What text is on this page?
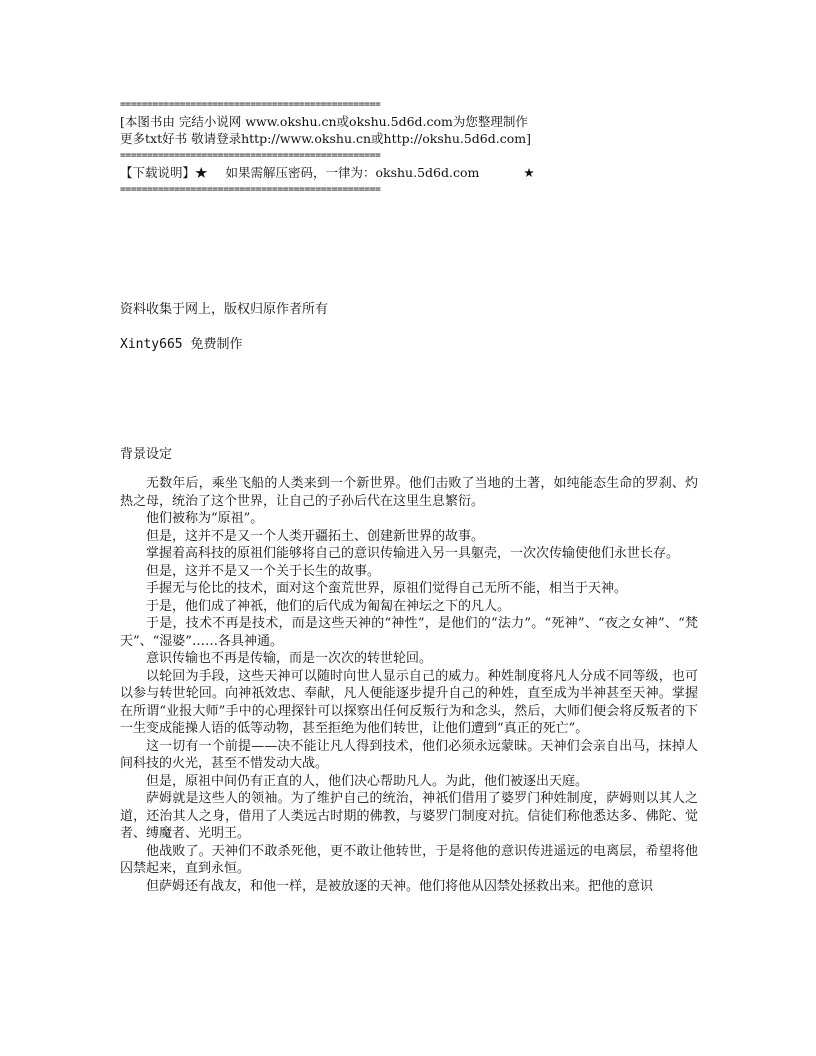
================================================
[本图书由 完结小说网 www.okshu.cn或okshu.5d6d.com为您整理制作
更多txt好书 敬请登录http://www.okshu.cn或http://okshu.5d6d.com]
================================================
【下载说明】★ 如果需解压密码，一律为：okshu.5d6d.com	★
================================================
资料收集于网上，版权归原作者所有
Xinty665 免费制作
背景设定

无数年后，乘坐飞船的人类来到一个新世界。他们击败了当地的土著，如纯能态生命的罗刹、灼热之母，统治了这个世界，让自己的子孙后代在这里生息繁衍。

他们被称为“原祖”。

但是，这并不是又一个人类开疆拓土、创建新世界的故事。

掌握着高科技的原祖们能够将自己的意识传输进入另一具躯壳，一次次传输使他们永世长存。

但是，这并不是又一个关于长生的故事。

手握无与伦比的技术，面对这个蛮荒世界，原祖们觉得自己无所不能，相当于天神。

于是，他们成了神祇，他们的后代成为匍匐在神坛之下的凡人。

于是，技术不再是技术，而是这些天神的“神性”，是他们的“法力”。“死神”、“夜之女神”、“梵天”、“湿婆”……各具神通。

意识传输也不再是传输，而是一次次的转世轮回。

以轮回为手段，这些天神可以随时向世人显示自己的威力。种姓制度将凡人分成不同等级，也可以参与转世轮回。向神祇效忠、奉献，凡人便能逐步提升自己的种姓，直至成为半神甚至天神。掌握在所谓“业报大师”手中的心理探针可以探察出任何反叛行为和念头，然后，大师们便会将反叛者的下一生变成能操人语的低等动物，甚至拒绝为他们转世，让他们遭到“真正的死亡”。

这一切有一个前提——决不能让凡人得到技术，他们必须永远蒙昧。天神们会亲自出马，抹掉人间科技的火光，甚至不惜发动大战。

但是，原祖中间仍有正直的人，他们决心帮助凡人。为此，他们被逐出天庭。

萨姆就是这些人的领袖。为了维护自己的统治，神祇们借用了婆罗门种姓制度，萨姆则以其人之道，还治其人之身，借用了人类远古时期的佛教，与婆罗门制度对抗。信徒们称他悉达多、佛陀、觉者、缚魔者、光明王。

他战败了。天神们不敢杀死他，更不敢让他转世，于是将他的意识传进遥远的电离层，希望将他囚禁起来，直到永恒。

但萨姆还有战友，和他一样，是被放逐的天神。他们将他从囚禁处拯救出来。把他的意识
